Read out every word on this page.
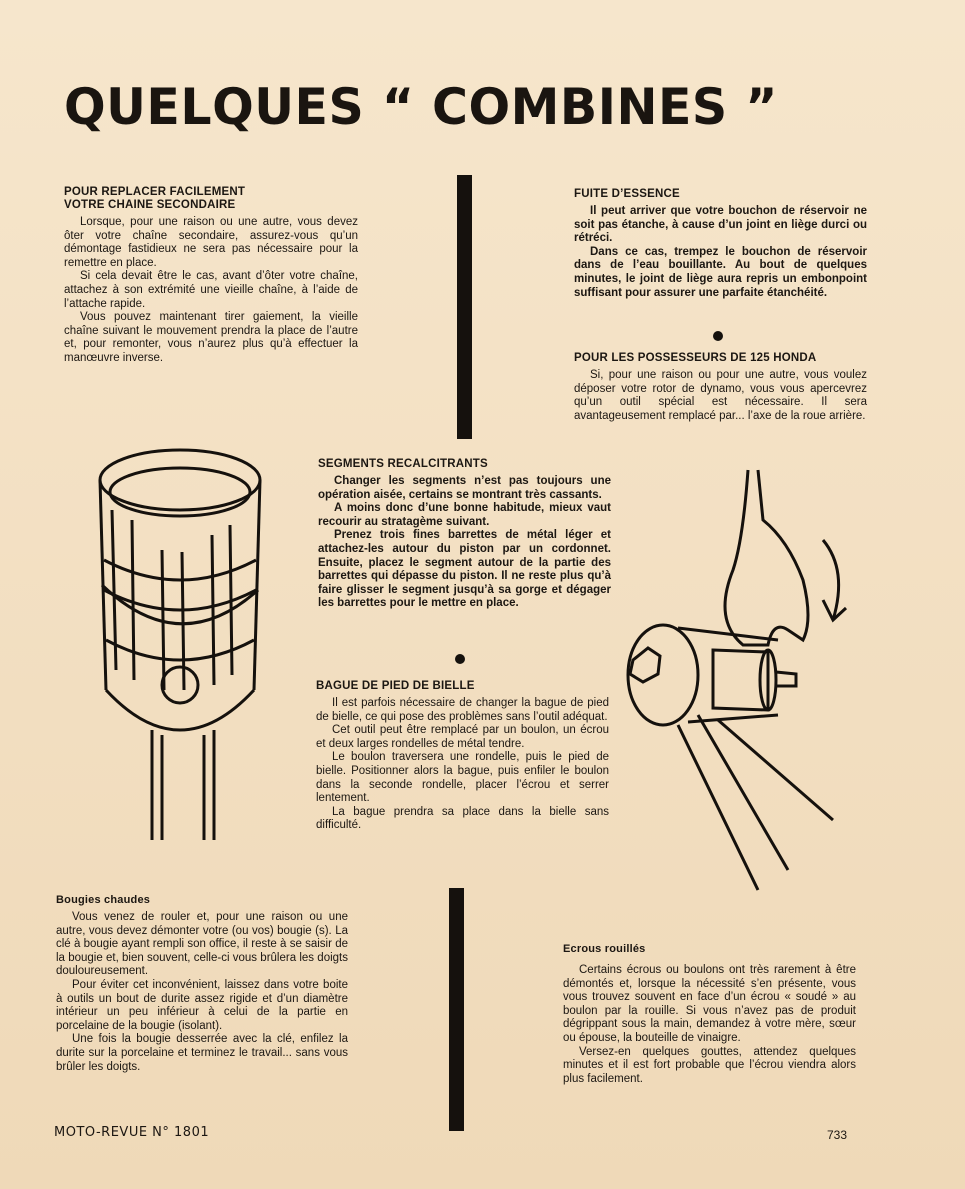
QUELQUES “ COMBINES ”
POUR REPLACER FACILEMENT
VOTRE CHAINE SECONDAIRE

Lorsque, pour une raison ou une autre, vous devez ôter votre chaîne secondaire, assurez-vous qu’un démontage fastidieux ne sera pas nécessaire pour la remettre en place.

Si cela devait être le cas, avant d’ôter votre chaîne, attachez à son extrémité une vieille chaîne, à l’aide de l’attache rapide.

Vous pouvez maintenant tirer gaiement, la vieille chaîne suivant le mouvement prendra la place de l’autre et, pour remonter, vous n’aurez plus qu’à effectuer la manœuvre inverse.

FUITE D’ESSENCE

Il peut arriver que votre bouchon de réservoir ne soit pas étanche, à cause d’un joint en liège durci ou rétréci.

Dans ce cas, trempez le bouchon de réservoir dans de l’eau bouillante. Au bout de quelques minutes, le joint de liège aura repris un embonpoint suffisant pour assurer une parfaite étanchéité.

POUR LES POSSESSEURS DE 125 HONDA

Si, pour une raison ou pour une autre, vous voulez déposer votre rotor de dynamo, vous vous apercevrez qu’un outil spécial est nécessaire. Il sera avantageusement remplacé par... l’axe de la roue arrière.

SEGMENTS RECALCITRANTS

Changer les segments n’est pas toujours une opération aisée, certains se montrant très cassants.

A moins donc d’une bonne habitude, mieux vaut recourir au stratagème suivant.

Prenez trois fines barrettes de métal léger et attachez-les autour du piston par un cordonnet. Ensuite, placez le segment autour de la partie des barrettes qui dépasse du piston. Il ne reste plus qu’à faire glisser le segment jusqu’à sa gorge et dégager les barrettes pour le mettre en place.

BAGUE DE PIED DE BIELLE

Il est parfois nécessaire de changer la bague de pied de bielle, ce qui pose des problèmes sans l’outil adéquat.

Cet outil peut être remplacé par un boulon, un écrou et deux larges rondelles de métal tendre.

Le boulon traversera une rondelle, puis le pied de bielle. Positionner alors la bague, puis enfiler le boulon dans la seconde rondelle, placer l’écrou et serrer lentement.

La bague prendra sa place dans la bielle sans difficulté.

Bougies chaudes

Vous venez de rouler et, pour une raison ou une autre, vous devez démonter votre (ou vos) bougie (s). La clé à bougie ayant rempli son office, il reste à se saisir de la bougie et, bien souvent, celle-ci vous brûlera les doigts douloureusement.

Pour éviter cet inconvénient, laissez dans votre boite à outils un bout de durite assez rigide et d’un diamètre intérieur un peu inférieur à celui de la partie en porcelaine de la bougie (isolant).

Une fois la bougie desserrée avec la clé, enfilez la durite sur la porcelaine et terminez le travail... sans vous brûler les doigts.

Ecrous rouillés

Certains écrous ou boulons ont très rarement à être démontés et, lorsque la nécessité s’en présente, vous vous trouvez souvent en face d’un écrou « soudé » au boulon par la rouille. Si vous n’avez pas de produit dégrippant sous la main, demandez à votre mère, sœur ou épouse, la bouteille de vinaigre.

Versez-en quelques gouttes, attendez quelques minutes et il est fort probable que l’écrou viendra alors plus facilement.

MOTO-REVUE N° 1801	733
